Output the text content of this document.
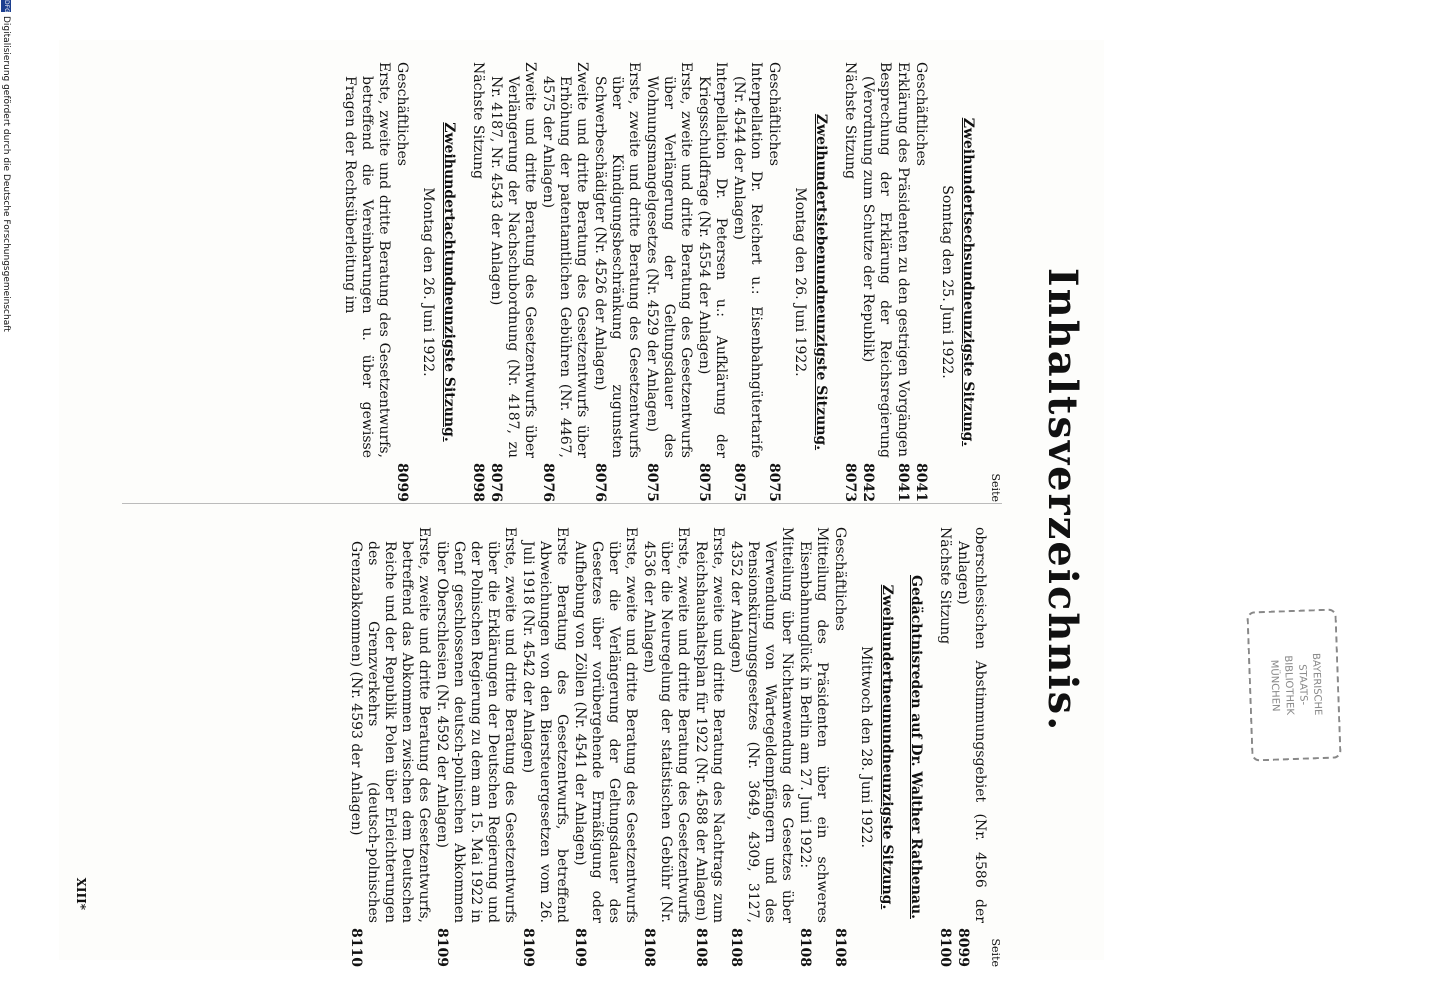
BAYERISCHE
STAATS-
BIBLIOTHEK
MÜNCHEN
Inhaltsverzeichnis.
Seite
Zweihundertsechsundneunzigste Sitzung.
Sonntag den 25. Juni 1922.
Geschäftliches
8041
Erklärung des Präsidenten zu den gestrigen Vorgängen
8041
Besprechung der Erklärung der Reichsregierung (Verordnung zum Schutze der Republik)
8042
Nächste Sitzung
8073
Zweihundertsiebenundneunzigste Sitzung.
Montag den 26. Juni 1922.
Geschäftliches
8075
Interpellation Dr. Reichert u.: Eisenbahngütertarife (Nr. 4544 der Anlagen)
8075
Interpellation Dr. Petersen u.: Aufklärung der Kriegsschuldfrage (Nr. 4554 der Anlagen)
8075
Erste, zweite und dritte Beratung des Gesetzentwurfs über Verlängerung der Geltungsdauer des Wohnungsmangelgesetzes (Nr. 4529 der Anlagen)
8075
Erste, zweite und dritte Beratung des Gesetzentwurfs über Kündigungsbeschränkung zugunsten Schwerbeschädigter (Nr. 4526 der Anlagen)
8076
Zweite und dritte Beratung des Gesetzentwurfs über Erhöhung der patentamtlichen Gebühren (Nr. 4467, 4575 der Anlagen)
8076
Zweite und dritte Beratung des Gesetzentwurfs über Verlängerung der Nachschubordnung (Nr. 4187, zu Nr. 4187, Nr. 4543 der Anlagen)
8076
Nächste Sitzung
8098
Zweihundertachtundneunzigste Sitzung.
Montag den 26. Juni 1922.
Geschäftliches
8099
Erste, zweite und dritte Beratung des Gesetzentwurfs, betreffend die Vereinbarungen u. über gewisse Fragen der Rechtsüberleitung im
Seite
oberschlesischen Abstimmungsgebiet (Nr. 4586 der Anlagen)
8099
Nächste Sitzung
8100
Gedächtnisreden auf Dr. Walther Rathenau.
Zweihundertneunundneunzigste Sitzung.
Mittwoch den 28. Juni 1922.
Geschäftliches
8108
Mitteilung des Präsidenten über ein schweres Eisenbahnunglück in Berlin am 27. Juni 1922:
8108
Mitteilung über Nichtanwendung des Gesetzes über Verwendung von Wartegeldempfängern und des Pensionskürzungsgesetzes (Nr. 3649, 4309, 3127, 4352 der Anlagen)
8108
Erste, zweite und dritte Beratung des Nachtrags zum Reichshaushaltsplan für 1922 (Nr. 4588 der Anlagen)
8108
Erste, zweite und dritte Beratung des Gesetzentwurfs über die Neuregelung der statistischen Gebühr (Nr. 4536 der Anlagen)
8108
Erste, zweite und dritte Beratung des Gesetzentwurfs über die Verlängerung der Geltungsdauer des Gesetzes über vorübergehende Ermäßigung oder Aufhebung von Zöllen (Nr. 4541 der Anlagen)
8109
Erste Beratung des Gesetzentwurfs, betreffend Abweichungen von den Biersteuergesetzen vom 26. Juli 1918 (Nr. 4542 der Anlagen)
8109
Erste, zweite und dritte Beratung des Gesetzentwurfs über die Erklärungen der Deutschen Regierung und der Polnischen Regierung zu dem am 15. Mai 1922 in Genf geschlossenen deutsch-polnischen Abkommen über Oberschlesien (Nr. 4592 der Anlagen)
8109
Erste, zweite und dritte Beratung des Gesetzentwurfs, betreffend das Abkommen zwischen dem Deutschen Reiche und der Republik Polen über Erleichterungen des Grenzverkehrs (deutsch-polnisches Grenzabkommen) (Nr. 4593 der Anlagen)
8110
XIII*
DFGDigitalisierung gefördert durch die Deutsche Forschungsgemeinschaft
